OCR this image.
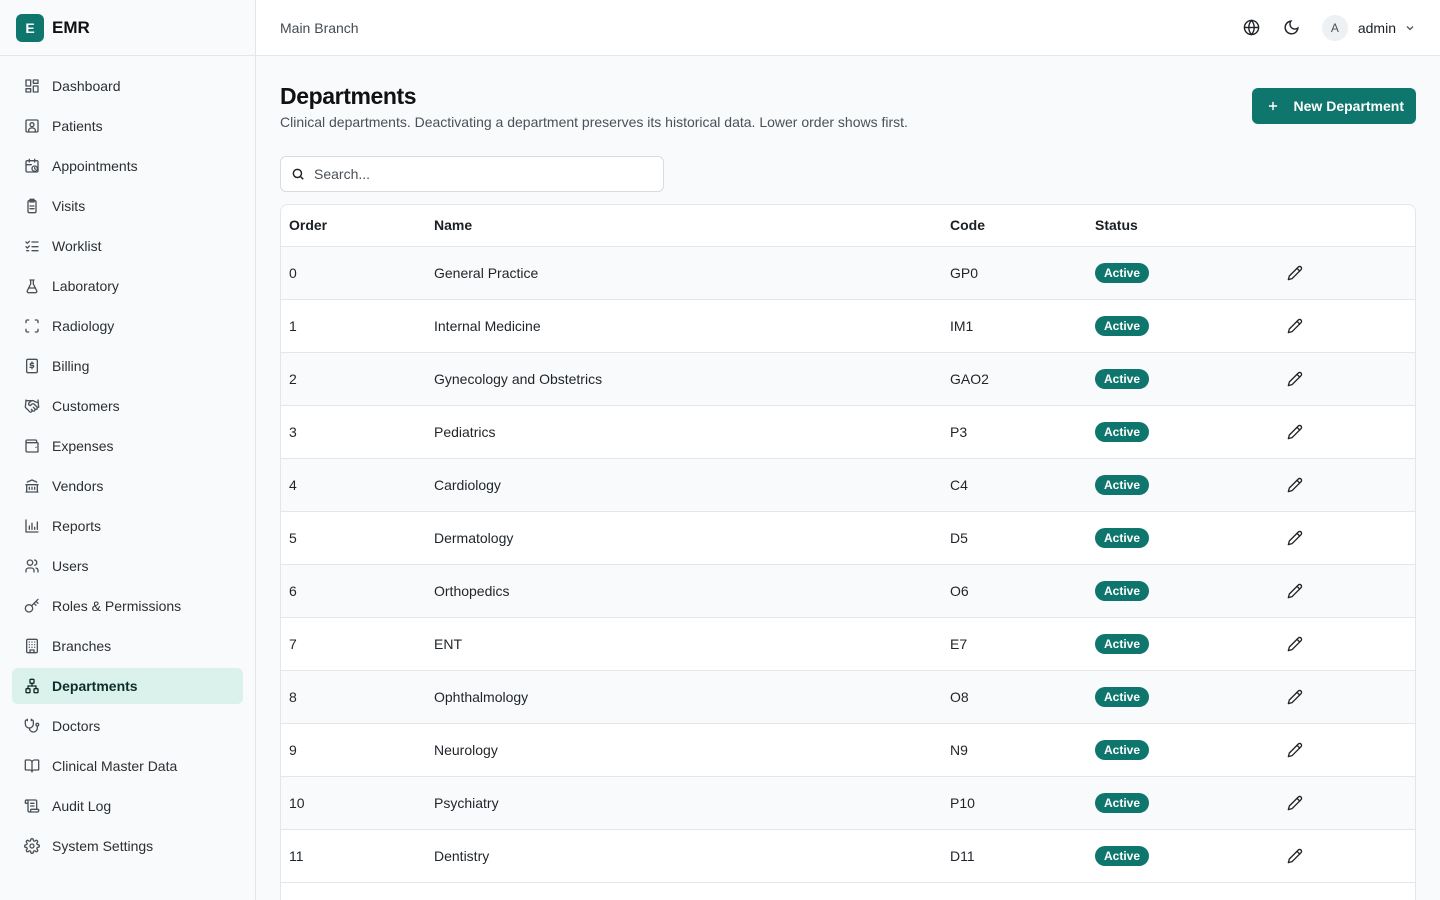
E	EMR
Dashboard
Patients
Appointments
Visits
Worklist
Laboratory
Radiology
Billing
Customers
Expenses
Vendors
Reports
Users
Roles & Permissions
Branches
Departments
Doctors
Clinical Master Data
Audit Log
System Settings
Main Branch	A	admin
Departments

Clinical departments. Deactivating a department preserves its historical data. Lower order shows first.

New Department
Search...
Order	Name	Code	Status	
0	General Practice	GP0	Active	

1	Internal Medicine	IM1	Active	

2	Gynecology and Obstetrics	GAO2	Active	

3	Pediatrics	P3	Active	

4	Cardiology	C4	Active	

5	Dermatology	D5	Active	

6	Orthopedics	O6	Active	

7	ENT	E7	Active	

8	Ophthalmology	O8	Active	

9	Neurology	N9	Active	

10	Psychiatry	P10	Active	

11	Dentistry	D11	Active	
